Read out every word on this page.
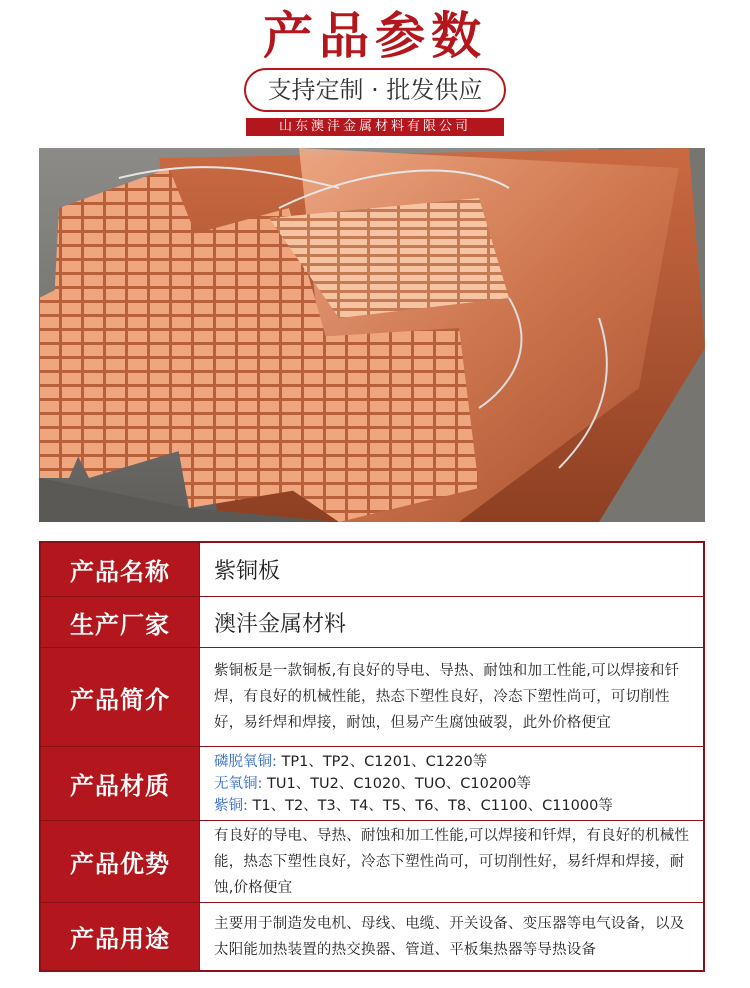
产品参数
支持定制 · 批发供应
山东澳沣金属材料有限公司
产品名称	紫铜板
生产厂家	澳沣金属材料
产品简介
紫铜板是一款铜板,有良好的导电、导热、耐蚀和加工性能,可以焊接和钎焊，有良好的机械性能，热态下塑性良好，冷态下塑性尚可，可切削性好，易纤焊和焊接，耐蚀，但易产生腐蚀破裂，此外价格便宜
产品材质
磷脱氧铜: TP1、TP2、C1201、C1220等
无氧铜: TU1、TU2、C1020、TUO、C10200等
紫铜: T1、T2、T3、T4、T5、T6、T8、C1100、C11000等
产品优势
有良好的导电、导热、耐蚀和加工性能,可以焊接和钎焊，有良好的机械性能，热态下塑性良好，冷态下塑性尚可，可切削性好，易纤焊和焊接，耐蚀,价格便宜
产品用途
主要用于制造发电机、母线、电缆、开关设备、变压器等电气设备，以及太阳能加热装置的热交换器、管道、平板集热器等导热设备
